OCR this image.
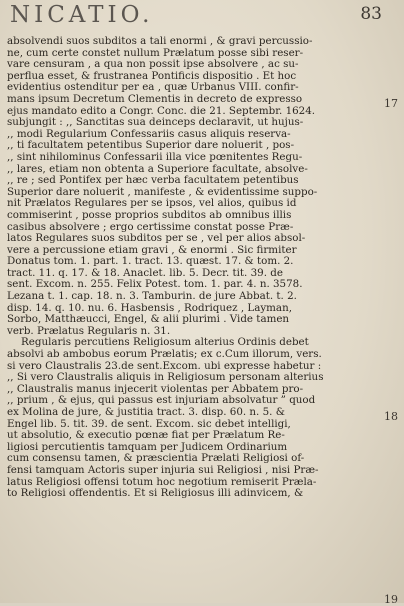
NICATIO.	83
17
18
19
absolvendi suos subditos a tali enormi , & gravi percussio-
ne, cum certe constet nullum Prælatum posse sibi reser-
vare censuram , a qua non possit ipse absolvere , ac su-
perflua esset, & frustranea Pontificis dispositio . Et hoc
evidentius ostenditur per ea , quæ Urbanus VIII. confir-
mans ipsum Decretum Clementis in decreto de expresso
ejus mandato edito a Congr. Conc. die 21. Septembr. 1624.
subjungit : ,, Sanctitas sua deinceps declaravit, ut hujus-
,, modi Regularium Confessariis casus aliquis reserva-
,, ti facultatem petentibus Superior dare noluerit , pos-
,, sint nihilominus Confessarii illa vice pœnitentes Regu-
,, lares, etiam non obtenta a Superiore facultate, absolve-
,, re ; sed Pontifex per hæc verba facultatem petentibus
Superior dare noluerit , manifeste , & evidentissime suppo-
nit Prælatos Regulares per se ipsos, vel alios, quibus id
commiserint , posse proprios subditos ab omnibus illis
casibus absolvere ; ergo certissime constat posse Præ-
latos Regulares suos subditos per se , vel per alios absol-
vere a percussione etiam gravi , & enormi . Sic firmiter
Donatus tom. 1. part. 1. tract. 13. quæst. 17. & tom. 2.
tract. 11. q. 17. & 18. Anaclet. lib. 5. Decr. tit. 39. de
sent. Excom. n. 255. Felix Potest. tom. 1. par. 4. n. 3578.
Lezana t. 1. cap. 18. n. 3. Tamburin. de jure Abbat. t. 2.
disp. 14. q. 10. nu. 6. Hasbensis , Rodriquez , Layman,
Sorbo, Matthæucci, Engel, & alii plurimi . Vide tamen
verb. Prælatus Regularis n. 31.
Regularis percutiens Religiosum alterius Ordinis debet
absolvi ab ambobus eorum Prælatis; ex c.Cum illorum, vers.
si vero Claustralis 23.de sent.Excom. ubi expresse habetur :
,, Si vero Claustralis aliquis in Religiosum personam alterius
,, Claustralis manus injecerit violentas per Abbatem pro-
,, prium , & ejus, qui passus est injuriam absolvatur ” quod
ex Molina de jure, & justitia tract. 3. disp. 60. n. 5. &
Engel lib. 5. tit. 39. de sent. Excom. sic debet intelligi,
ut absolutio, & executio pœnæ fiat per Prælatum Re-
ligiosi percutientis tamquam per Judicem Ordinarium
cum consensu tamen, & præscientia Prælati Religiosi of-
fensi tamquam Actoris super injuria sui Religiosi , nisi Præ-
latus Religiosi offensi totum hoc negotium remiserit Præla-
to Religiosi offendentis. Et si Religiosus illi adinvicem, &
